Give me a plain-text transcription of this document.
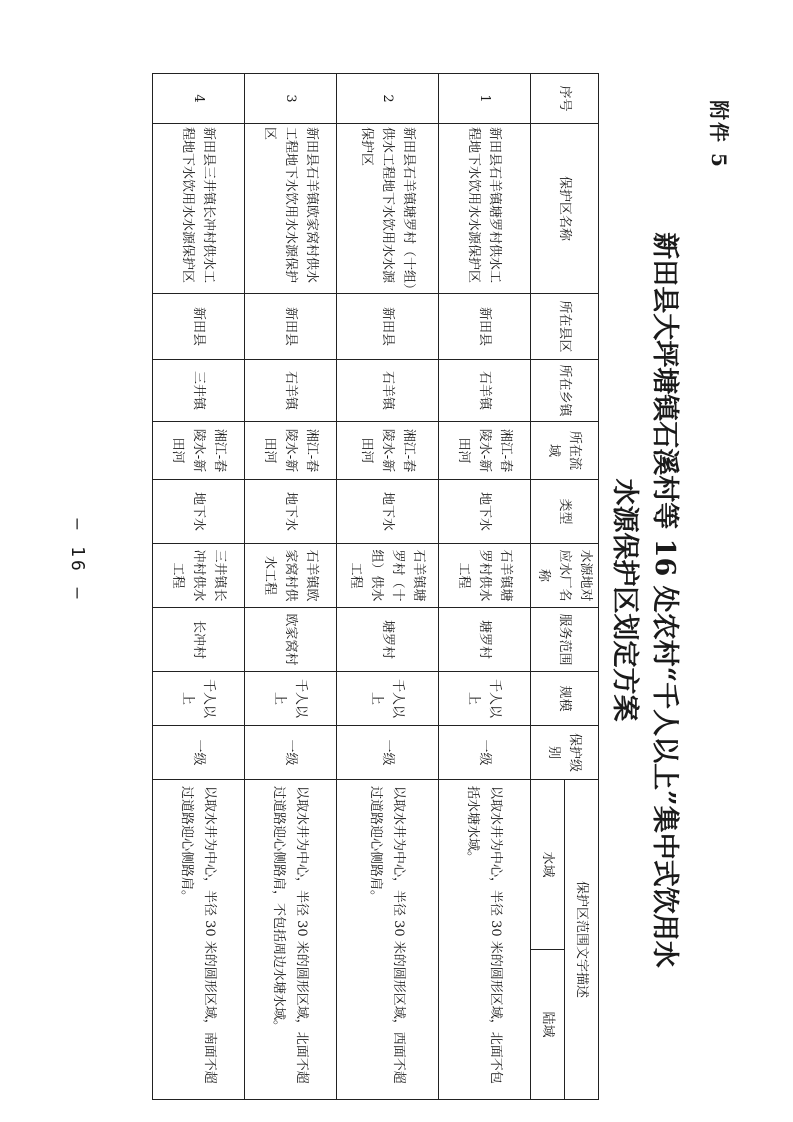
附件 5
新田县大坪塘镇石溪村等 16 处农村“千人以上”集中式饮用水
水源保护区划定方案
序号	保护区名称	所在县区	所在乡镇	所在流域	类型	水源地对应水厂名称	服务范围	规模	保护级别	保护区范围文字描述	
										水域	陆域
1	新田县石羊镇塘罗村供水工程地下水饮用水水源保护区	新田县	石羊镇	湘江-舂陵水-新田河	地下水	石羊镇塘罗村供水工程	塘罗村	千人以上	一级	以取水井为中心，半径 30 米的圆形区域，北面不包括水塘水域。	
2	新田县石羊镇塘罗村（十组）供水工程地下水饮用水水源保护区	新田县	石羊镇	湘江-舂陵水-新田河	地下水	石羊镇塘罗村（十组）供水工程	塘罗村	千人以上	一级	以取水井为中心，半径 30 米的圆形区域，西面不超过道路迎心侧路肩。	
3	新田县石羊镇欧家窝村供水工程地下水饮用水水源保护区	新田县	石羊镇	湘江-舂陵水-新田河	地下水	石羊镇欧家窝村供水工程	欧家窝村	千人以上	一级	以取水井为中心，半径 30 米的圆形区域，北面不超过道路迎心侧路肩，不包括周边水塘水域。	
4	新田县三井镇长冲村供水工程地下水饮用水水源保护区	新田县	三井镇	湘江-舂陵水-新田河	地下水	三井镇长冲村供水工程	长冲村	千人以上	一级	以取水井为中心，半径 30 米的圆形区域，南面不超过道路迎心侧路肩。	
– 16 –
